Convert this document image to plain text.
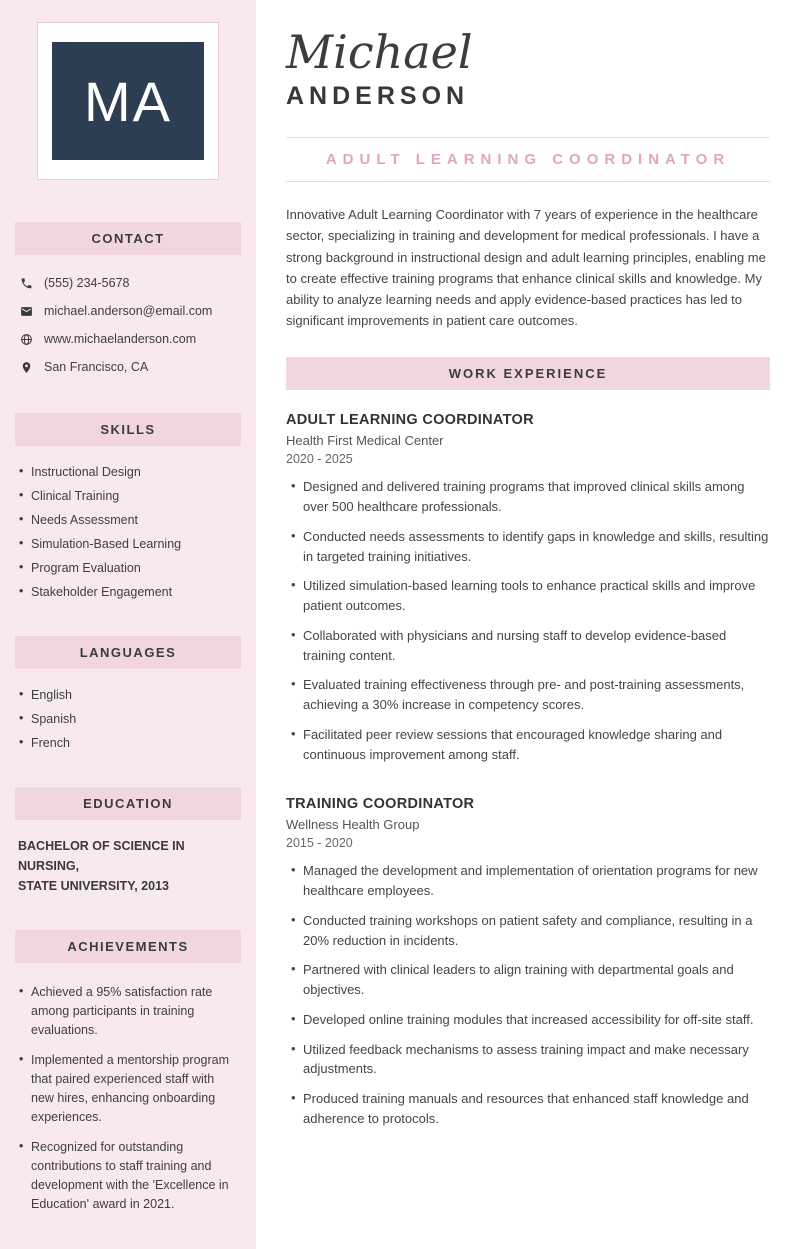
MA
CONTACT
(555) 234-5678
michael.anderson@email.com
www.michaelanderson.com
San Francisco, CA
SKILLS
• Instructional Design
• Clinical Training
• Needs Assessment
• Simulation-Based Learning
• Program Evaluation
• Stakeholder Engagement
LANGUAGES
• English
• Spanish
• French
EDUCATION
BACHELOR OF SCIENCE IN NURSING,
STATE UNIVERSITY, 2013
ACHIEVEMENTS
• Achieved a 95% satisfaction rate among participants in training evaluations.
• Implemented a mentorship program that paired experienced staff with new hires, enhancing onboarding experiences.
• Recognized for outstanding contributions to staff training and development with the 'Excellence in Education' award in 2021.
Michael
ANDERSON
ADULT LEARNING COORDINATOR

Innovative Adult Learning Coordinator with 7 years of experience in the healthcare sector, specializing in training and development for medical professionals. I have a strong background in instructional design and adult learning principles, enabling me to create effective training programs that enhance clinical skills and knowledge. My ability to analyze learning needs and apply evidence-based practices has led to significant improvements in patient care outcomes.

WORK EXPERIENCE
ADULT LEARNING COORDINATOR
Health First Medical Center
2020 - 2025
• Designed and delivered training programs that improved clinical skills among over 500 healthcare professionals.
• Conducted needs assessments to identify gaps in knowledge and skills, resulting in targeted training initiatives.
• Utilized simulation-based learning tools to enhance practical skills and improve patient outcomes.
• Collaborated with physicians and nursing staff to develop evidence-based training content.
• Evaluated training effectiveness through pre- and post-training assessments, achieving a 30% increase in competency scores.
• Facilitated peer review sessions that encouraged knowledge sharing and continuous improvement among staff.
TRAINING COORDINATOR
Wellness Health Group
2015 - 2020
• Managed the development and implementation of orientation programs for new healthcare employees.
• Conducted training workshops on patient safety and compliance, resulting in a 20% reduction in incidents.
• Partnered with clinical leaders to align training with departmental goals and objectives.
• Developed online training modules that increased accessibility for off-site staff.
• Utilized feedback mechanisms to assess training impact and make necessary adjustments.
• Produced training manuals and resources that enhanced staff knowledge and adherence to protocols.
